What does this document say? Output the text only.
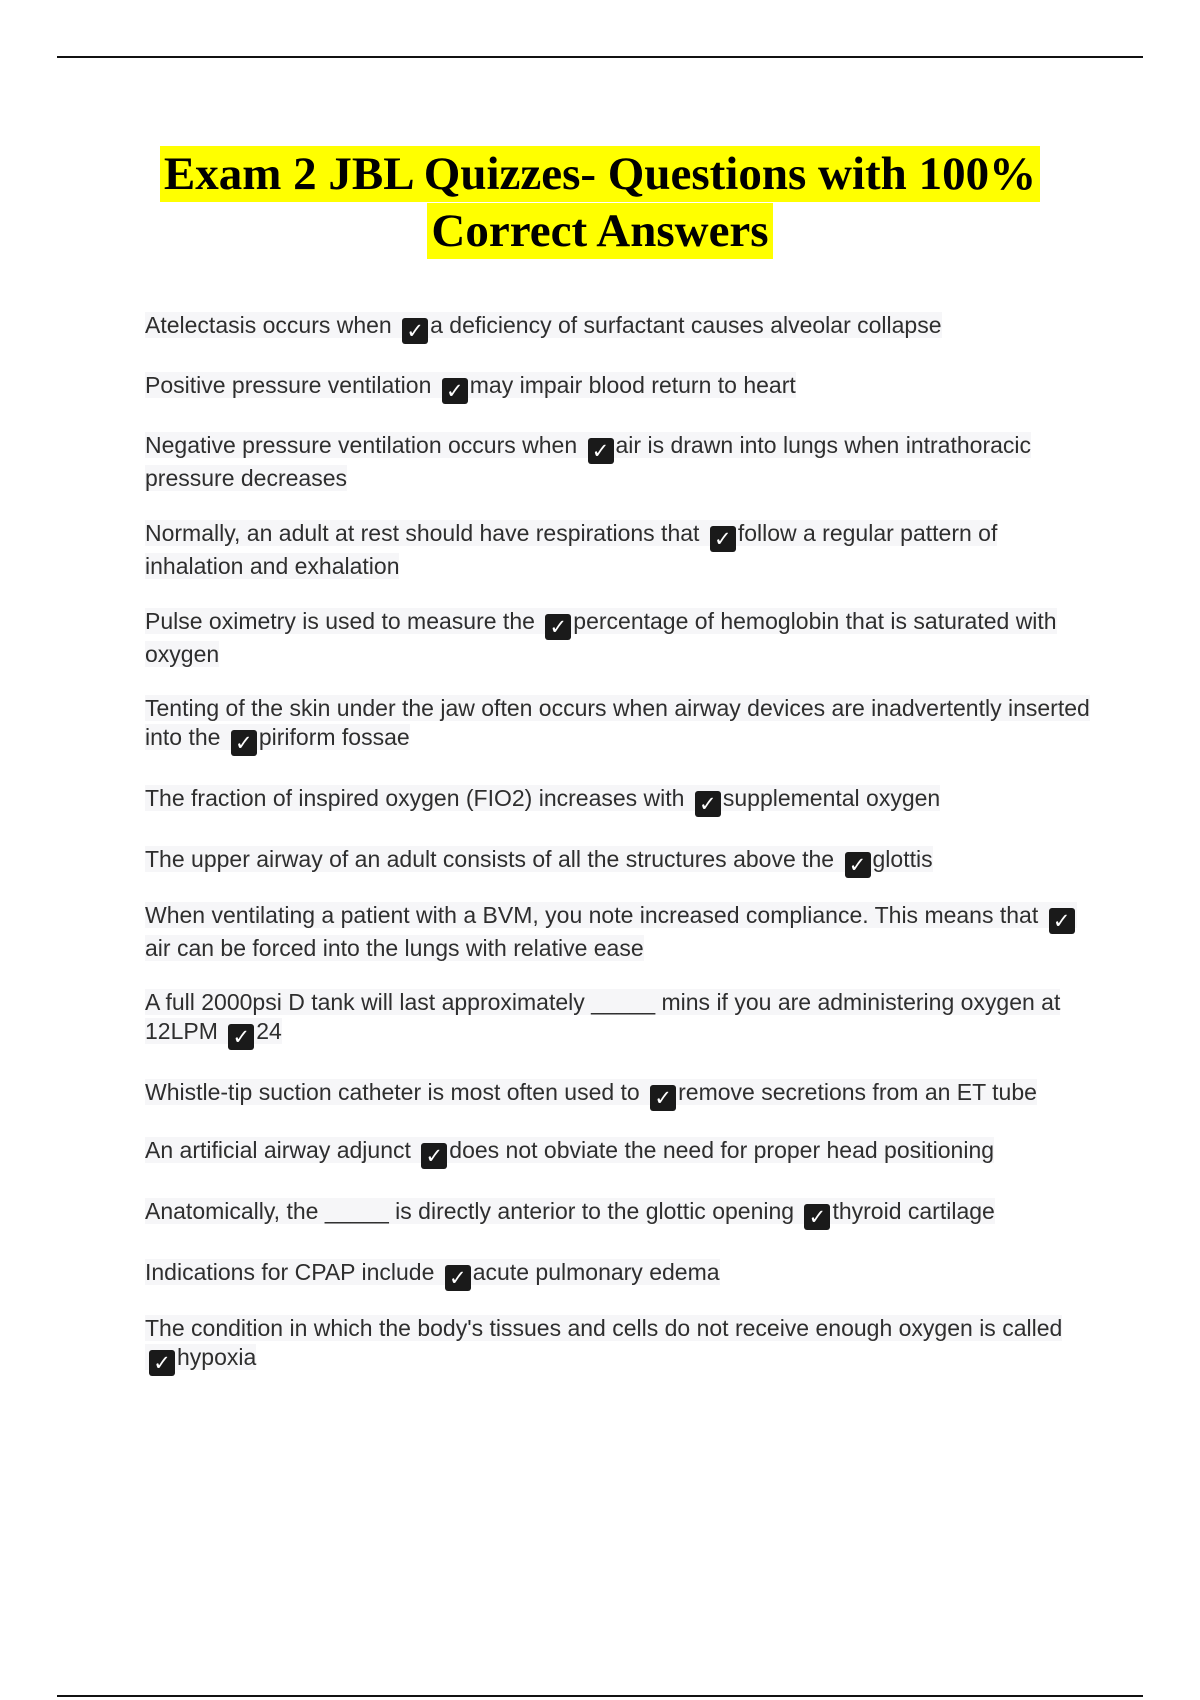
Exam 2 JBL Quizzes- Questions with 100%
Correct Answers
Atelectasis occurs when ✓ a deficiency of surfactant causes alveolar collapse
Positive pressure ventilation ✓ may impair blood return to heart
Negative pressure ventilation occurs when ✓ air is drawn into lungs when intrathoracic pressure decreases
Normally, an adult at rest should have respirations that ✓ follow a regular pattern of inhalation and exhalation
Pulse oximetry is used to measure the ✓ percentage of hemoglobin that is saturated with oxygen
Tenting of the skin under the jaw often occurs when airway devices are inadvertently inserted into the ✓ piriform fossae
The fraction of inspired oxygen (FIO2) increases with ✓ supplemental oxygen
The upper airway of an adult consists of all the structures above the ✓ glottis
When ventilating a patient with a BVM, you note increased compliance. This means that ✓air can be forced into the lungs with relative ease
A full 2000psi D tank will last approximately _____ mins if you are administering oxygen at 12LPM ✓ 24
Whistle-tip suction catheter is most often used to ✓ remove secretions from an ET tube
An artificial airway adjunct ✓ does not obviate the need for proper head positioning
Anatomically, the _____ is directly anterior to the glottic opening ✓ thyroid cartilage
Indications for CPAP include ✓ acute pulmonary edema
The condition in which the body's tissues and cells do not receive enough oxygen is called ✓ hypoxia
